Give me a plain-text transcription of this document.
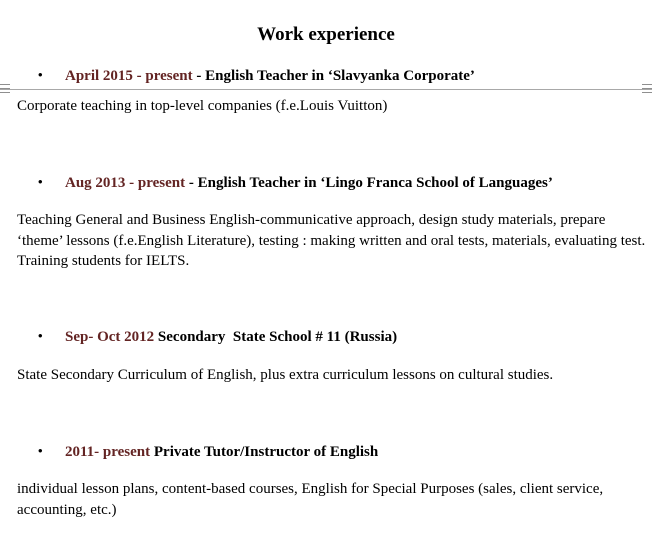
Work experience
• April 2015 - present - English Teacher in ‘Slavyanka Corporate’
Corporate teaching in top-level companies (f.e.Louis Vuitton)
• Aug 2013 - present - English Teacher in ‘Lingo Franca School of Languages’
Teaching General and Business English-communicative approach, design study materials, prepare ‘theme’ lessons (f.e.English Literature), testing : making written and oral tests, materials, evaluating test. Training students for IELTS.
• Sep- Oct 2012 Secondary  State School # 11 (Russia)
State Secondary Curriculum of English, plus extra curriculum lessons on cultural studies.
• 2011- present Private Tutor/Instructor of English
individual lesson plans, content-based courses, English for Special Purposes (sales, client service, accounting, etc.)
